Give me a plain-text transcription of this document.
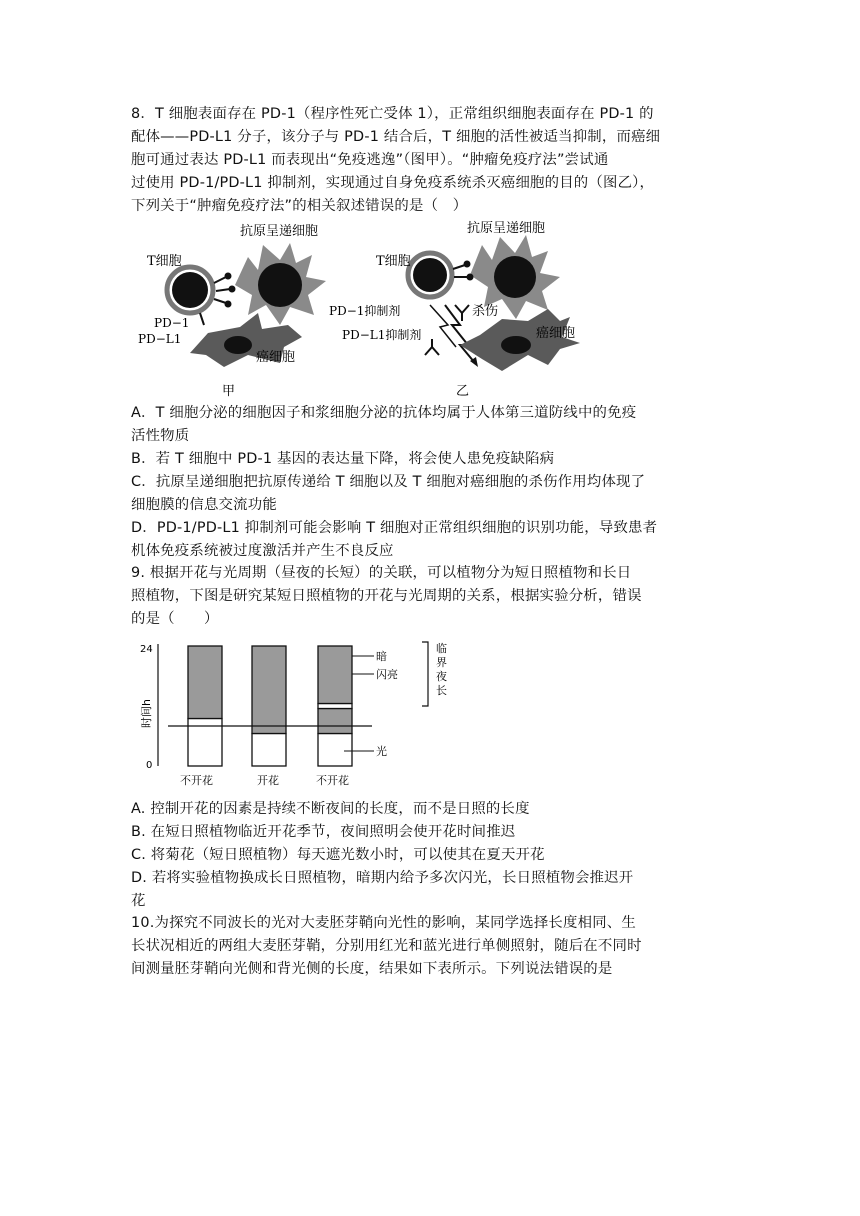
8．T 细胞表面存在 PD-1（程序性死亡受体 1），正常组织细胞表面存在 PD-1 的
配体——PD-L1 分子，该分子与 PD-1 结合后，T 细胞的活性被适当抑制，而癌细
胞可通过表达 PD-L1 而表现出“免疫逃逸”（图甲）。“肿瘤免疫疗法”尝试通
过使用 PD-1/PD-L1 抑制剂，实现通过自身免疫系统杀灭癌细胞的目的（图乙），
下列关于“肿瘤免疫疗法”的相关叙述错误的是（　）
抗原呈递细胞
T细胞
PD−1
PD−L1
癌细胞
甲
抗原呈递细胞
T细胞
PD−1抑制剂
PD−L1抑制剂
杀伤
癌细胞
乙
A．T 细胞分泌的细胞因子和浆细胞分泌的抗体均属于人体第三道防线中的免疫
活性物质
B．若 T 细胞中 PD-1 基因的表达量下降，将会使人患免疫缺陷病
C．抗原呈递细胞把抗原传递给 T 细胞以及 T 细胞对癌细胞的杀伤作用均体现了
细胞膜的信息交流功能
D．PD-1/PD-L1 抑制剂可能会影响 T 细胞对正常组织细胞的识别功能，导致患者
机体免疫系统被过度激活并产生不良反应
9. 根据开花与光周期（昼夜的长短）的关联，可以植物分为短日照植物和长日
照植物，下图是研究某短日照植物的开花与光周期的关系，根据实验分析，错误
的是（　　）
24
0
时间h
暗
闪亮
光
临界夜长
不开花	开花	不开花
A. 控制开花的因素是持续不断夜间的长度，而不是日照的长度
B. 在短日照植物临近开花季节，夜间照明会使开花时间推迟
C. 将菊花（短日照植物）每天遮光数小时，可以使其在夏天开花
D. 若将实验植物换成长日照植物，暗期内给予多次闪光，长日照植物会推迟开
花
10.为探究不同波长的光对大麦胚芽鞘向光性的影响，某同学选择长度相同、生
长状况相近的两组大麦胚芽鞘，分别用红光和蓝光进行单侧照射，随后在不同时
间测量胚芽鞘向光侧和背光侧的长度，结果如下表所示。下列说法错误的是
